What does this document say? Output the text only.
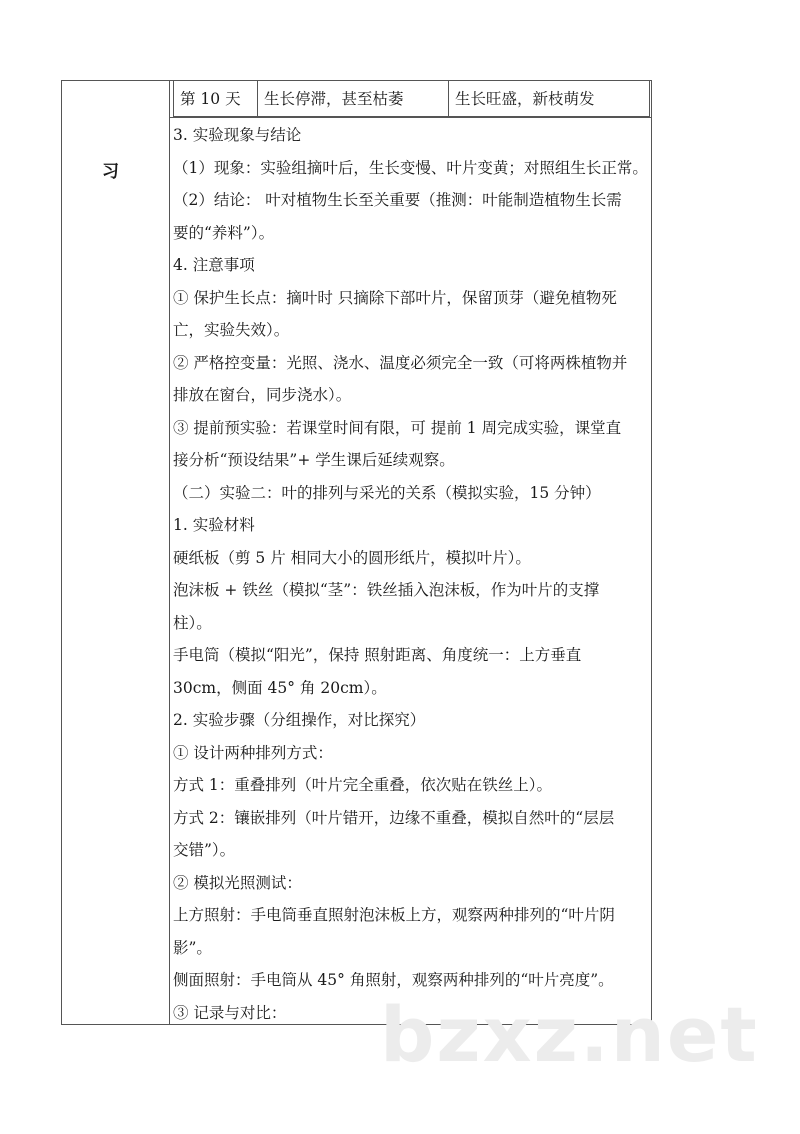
习
第 10 天	生长停滞，甚至枯萎	生长旺盛，新枝萌发
3. 实验现象与结论
（1）现象：实验组摘叶后，生长变慢、叶片变黄；对照组生长正常。
（2）结论： 叶对植物生长至关重要（推测：叶能制造植物生长需
要的“养料”）。
4. 注意事项
① 保护生长点：摘叶时 只摘除下部叶片，保留顶芽（避免植物死
亡，实验失效）。
② 严格控变量：光照、浇水、温度必须完全一致（可将两株植物并
排放在窗台，同步浇水）。
③ 提前预实验：若课堂时间有限，可 提前 1 周完成实验，课堂直
接分析“预设结果”+ 学生课后延续观察。
（二）实验二：叶的排列与采光的关系（模拟实验，15 分钟）
1. 实验材料
硬纸板（剪 5 片 相同大小的圆形纸片，模拟叶片）。
泡沫板 + 铁丝（模拟“茎”：铁丝插入泡沫板，作为叶片的支撑
柱）。
手电筒（模拟“阳光”，保持 照射距离、角度统一：上方垂直
30cm，侧面 45° 角 20cm）。
2. 实验步骤（分组操作，对比探究）
① 设计两种排列方式：
方式 1：重叠排列（叶片完全重叠，依次贴在铁丝上）。
方式 2：镶嵌排列（叶片错开，边缘不重叠，模拟自然叶的“层层
交错”）。
② 模拟光照测试：
上方照射：手电筒垂直照射泡沫板上方，观察两种排列的“叶片阴
影”。
侧面照射：手电筒从 45° 角照射，观察两种排列的“叶片亮度”。
③ 记录与对比：	bzxz.net
